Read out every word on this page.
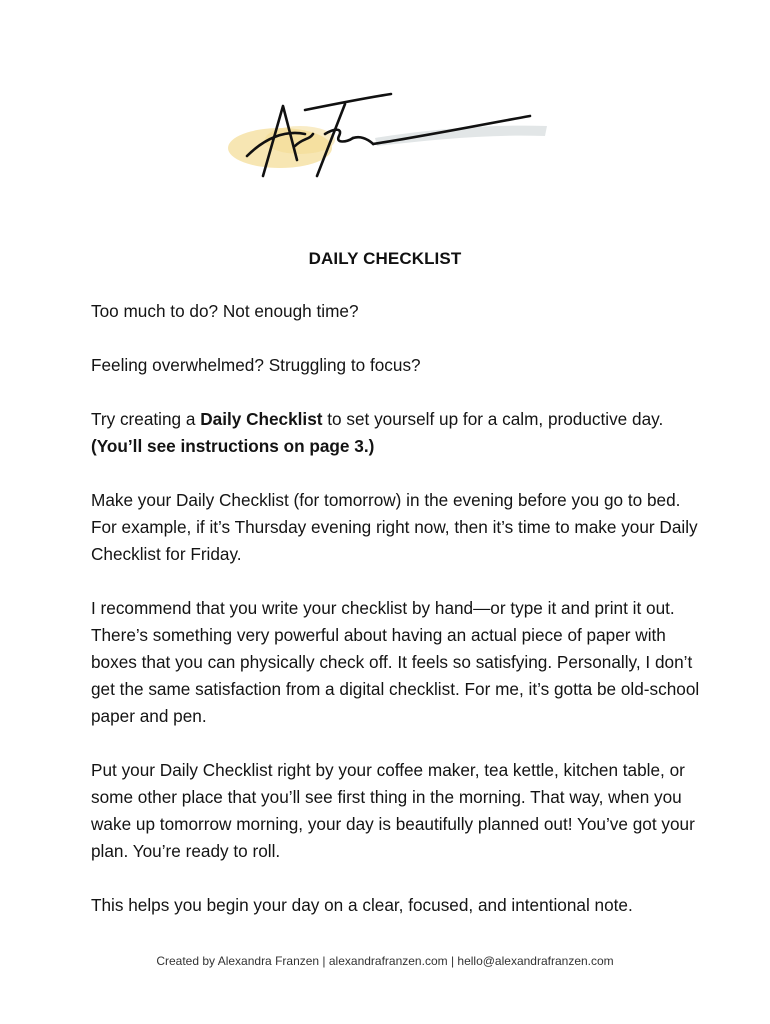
DAILY CHECKLIST

Too much to do? Not enough time?

Feeling overwhelmed? Struggling to focus?

Try creating a Daily Checklist to set yourself up for a calm, productive day.
(You’ll see instructions on page 3.)

Make your Daily Checklist (for tomorrow) in the evening before you go to bed. For example, if it’s Thursday evening right now, then it’s time to make your Daily Checklist for Friday.

I recommend that you write your checklist by hand—or type it and print it out. There’s something very powerful about having an actual piece of paper with boxes that you can physically check off. It feels so satisfying. Personally, I don’t get the same satisfaction from a digital checklist. For me, it’s gotta be old-school paper and pen.

Put your Daily Checklist right by your coffee maker, tea kettle, kitchen table, or some other place that you’ll see first thing in the morning. That way, when you wake up tomorrow morning, your day is beautifully planned out! You’ve got your plan. You’re ready to roll.

This helps you begin your day on a clear, focused, and intentional note.

Created by Alexandra Franzen | alexandrafranzen.com | hello@alexandrafranzen.com
